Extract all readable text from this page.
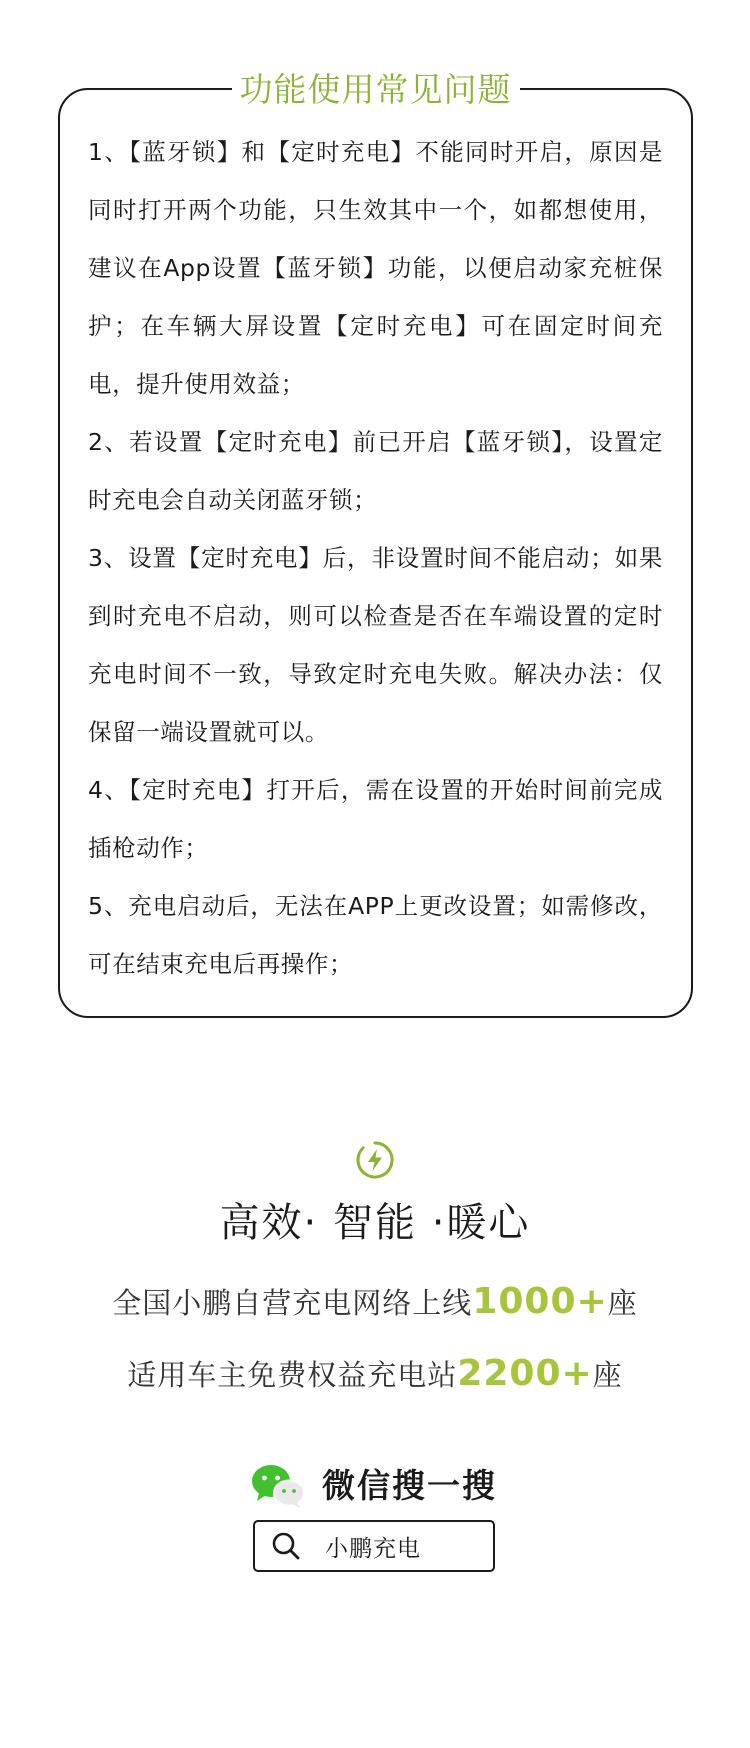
功能使用常见问题
1、【蓝牙锁】和【定时充电】不能同时开启，原因是同时打开两个功能，只生效其中一个，如都想使用，建议在App设置【蓝牙锁】功能，以便启动家充桩保护；在车辆大屏设置【定时充电】可在固定时间充电，提升使用效益；
2、若设置【定时充电】前已开启【蓝牙锁】，设置定时充电会自动关闭蓝牙锁；
3、设置【定时充电】后，非设置时间不能启动；如果到时充电不启动，则可以检查是否在车端设置的定时充电时间不一致，导致定时充电失败。解决办法：仅保留一端设置就可以。
4、【定时充电】打开后，需在设置的开始时间前完成插枪动作；
5、充电启动后，无法在APP上更改设置；如需修改，可在结束充电后再操作；
高效· 智能 ·暖心
全国小鹏自营充电网络上线1000+座
适用车主免费权益充电站2200+座
微信搜一搜
小鹏充电
